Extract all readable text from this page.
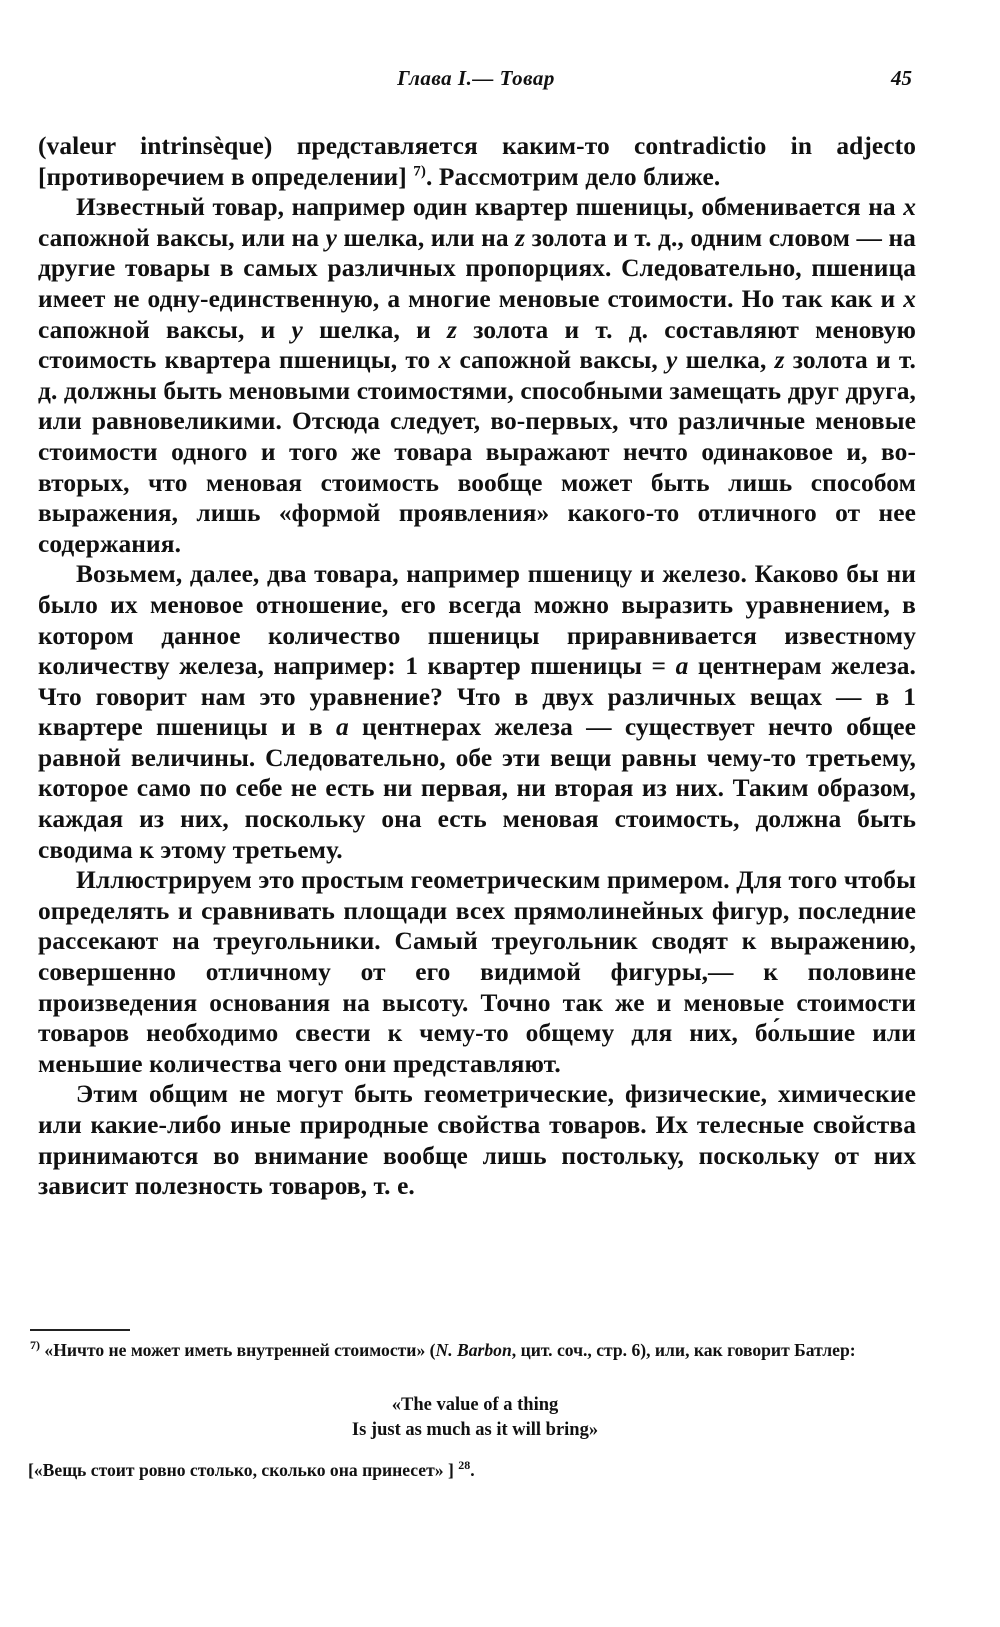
Глава I.— Товар	45

(valeur intrinsèque) представляется каким-то contradictio in adjecto [противоречием в определении] $^{7)}$. Рассмотрим дело ближе.

Известный товар, например один квартер пшеницы, обменивается на x сапожной ваксы, или на y шелка, или на z золота и т. д., одним словом — на другие товары в самых различных пропорциях. Следовательно, пшеница имеет не одну-единственную, а многие меновые стоимости. Но так как и x сапожной ваксы, и y шелка, и z золота и т. д. составляют меновую стоимость квартера пшеницы, то x сапожной ваксы, y шелка, z золота и т. д. должны быть меновыми стоимостями, способными замещать друг друга, или равновеликими. Отсюда следует, во-первых, что различные меновые стоимости одного и того же товара выражают нечто одинаковое и, во-вторых, что меновая стоимость вообще может быть лишь способом выражения, лишь «формой проявления» какого-то отличного от нее содержания.

Возьмем, далее, два товара, например пшеницу и железо. Каково бы ни было их меновое отношение, его всегда можно выразить уравнением, в котором данное количество пшеницы приравнивается известному количеству железа, например: 1 квартер пшеницы = a центнерам железа. Что говорит нам это уравнение? Что в двух различных вещах — в 1 квартере пшеницы и в a центнерах железа — существует нечто общее равной величины. Следовательно, обе эти вещи равны чему-то третьему, которое само по себе не есть ни первая, ни вторая из них. Таким образом, каждая из них, поскольку она есть меновая стоимость, должна быть сводима к этому третьему.

Иллюстрируем это простым геометрическим примером. Для того чтобы определять и сравнивать площади всех прямолинейных фигур, последние рассекают на треугольники. Самый треугольник сводят к выражению, совершенно отличному от его видимой фигуры,— к половине произведения основания на высоту. Точно так же и меновые стоимости товаров необходимо свести к чему-то общему для них, бо́льшие или меньшие количества чего они представляют.

Этим общим не могут быть геометрические, физические, химические или какие-либо иные природные свойства товаров. Их телесные свойства принимаются во внимание вообще лишь постольку, поскольку от них зависит полезность товаров, т. е.

$^{7)}$ «Ничто не может иметь внутренней стоимости» (N. Barbon, цит. соч., стр. 6), или, как говорит Батлер:
«The value of a thing
Is just as much as it will bring»
[«Вещь стоит ровно столько, сколько она принесет» ] $^{28}$.
